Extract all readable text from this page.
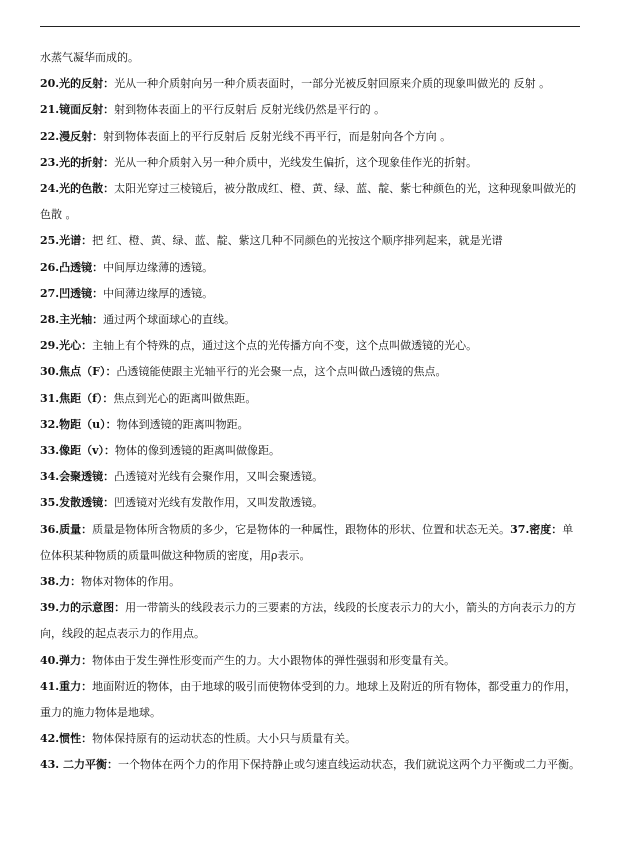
水蒸气凝华而成的。

20.光的反射：光从一种介质射向另一种介质表面时，一部分光被反射回原来介质的现象叫做光的 反射 。

21.镜面反射：射到物体表面上的平行反射后 反射光线仍然是平行的 。

22.漫反射：射到物体表面上的平行反射后 反射光线不再平行，而是射向各个方向 。

23.光的折射：光从一种介质射入另一种介质中，光线发生偏折，这个现象佳作光的折射。

24.光的色散：太阳光穿过三棱镜后，被分散成红、橙、黄、绿、蓝、靛、紫七种颜色的光，这种现象叫做光的 色散 。

25.光谱：把 红、橙、黄、绿、蓝、靛、紫这几种不同颜色的光按这个顺序排列起来，就是光谱

26.凸透镜：中间厚边缘薄的透镜。

27.凹透镜：中间薄边缘厚的透镜。

28.主光轴：通过两个球面球心的直线。

29.光心：主轴上有个特殊的点，通过这个点的光传播方向不变，这个点叫做透镜的光心。

30.焦点（F）：凸透镜能使跟主光轴平行的光会聚一点，这个点叫做凸透镜的焦点。

31.焦距（f）：焦点到光心的距离叫做焦距。

32.物距（u）：物体到透镜的距离叫物距。

33.像距（v）：物体的像到透镜的距离叫做像距。

34.会聚透镜：凸透镜对光线有会聚作用，又叫会聚透镜。

35.发散透镜：凹透镜对光线有发散作用，又叫发散透镜。

36.质量：质量是物体所含物质的多少，它是物体的一种属性，跟物体的形状、位置和状态无关。37.密度：单位体积某种物质的质量叫做这种物质的密度，用ρ表示。

38.力：物体对物体的作用。

39.力的示意图：用一带箭头的线段表示力的三要素的方法，线段的长度表示力的大小，箭头的方向表示力的方向，线段的起点表示力的作用点。

40.弹力：物体由于发生弹性形变而产生的力。大小跟物体的弹性强弱和形变量有关。

41.重力：地面附近的物体，由于地球的吸引而使物体受到的力。地球上及附近的所有物体，都受重力的作用，重力的施力物体是地球。

42.惯性：物体保持原有的运动状态的性质。大小只与质量有关。

43. 二力平衡：一个物体在两个力的作用下保持静止或匀速直线运动状态，我们就说这两个力平衡或二力平衡。
